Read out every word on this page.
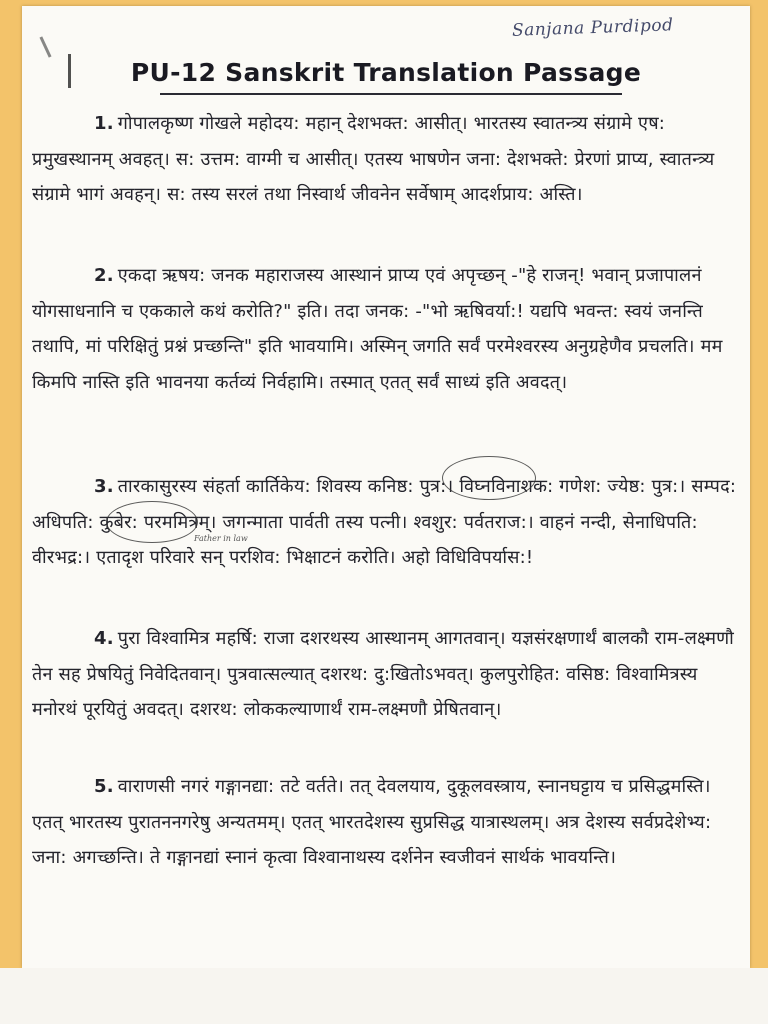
Sanjana Purdipod
PU-12 Sanskrit Translation Passage

1. गोपालकृष्ण गोखले महोदय: महान् देशभक्त: आसीत्। भारतस्य स्वातन्त्र्य संग्रामे एष: प्रमुखस्थानम् अवहत्। स: उत्तम: वाग्मी च आसीत्। एतस्य भाषणेन जना: देशभक्ते: प्रेरणां प्राप्य, स्वातन्त्र्य संग्रामे भागं अवहन्। स: तस्य सरलं तथा निस्वार्थ जीवनेन सर्वेषाम् आदर्शप्राय: अस्ति।

2. एकदा ऋषय: जनक महाराजस्य आस्थानं प्राप्य एवं अपृच्छन् -"हे राजन्! भवान् प्रजापालनं योगसाधनानि च एककाले कथं करोति?" इति। तदा जनक: -"भो ऋषिवर्या:! यद्यपि भवन्त: स्वयं जनन्ति तथापि, मां परिक्षितुं प्रश्नं प्रच्छन्ति" इति भावयामि। अस्मिन् जगति सर्वं परमेश्वरस्य अनुग्रहेणैव प्रचलति। मम किमपि नास्ति इति भावनया कर्तव्यं निर्वहामि। तस्मात् एतत् सर्वं साध्यं इति अवदत्।

3. तारकासुरस्य संहर्ता कार्तिकेय: शिवस्य कनिष्ठ: पुत्र:। विघ्नविनाशक: गणेश: ज्येष्ठ: पुत्र:। सम्पद: अधिपति: कुबेर: परममित्रम्। जगन्माता पार्वती तस्य पत्नी। श्वशुर: पर्वतराज:। वाहनं नन्दी, सेनाधिपति: वीरभद्र:। एतादृश परिवारे सन् परशिव: भिक्षाटनं करोति। अहो विधिविपर्यास:!

Father in law

4. पुरा विश्वामित्र महर्षि: राजा दशरथस्य आस्थानम् आगतवान्। यज्ञसंरक्षणार्थं बालकौ राम-लक्ष्मणौ तेन सह प्रेषयितुं निवेदितवान्। पुत्रवात्सल्यात् दशरथ: दु:खितोऽभवत्। कुलपुरोहित: वसिष्ठ: विश्वामित्रस्य मनोरथं पूरयितुं अवदत्। दशरथ: लोककल्याणार्थं राम-लक्ष्मणौ प्रेषितवान्।

5. वाराणसी नगरं गङ्गानद्या: तटे वर्तते। तत् देवलयाय, दुकूलवस्त्राय, स्नानघट्टाय च प्रसिद्धमस्ति। एतत् भारतस्य पुरातननगरेषु अन्यतमम्। एतत् भारतदेशस्य सुप्रसिद्ध यात्रास्थलम्। अत्र देशस्य सर्वप्रदेशेभ्य: जना: अगच्छन्ति। ते गङ्गानद्यां स्नानं कृत्वा विश्वानाथस्य दर्शनेन स्वजीवनं सार्थकं भावयन्ति।
